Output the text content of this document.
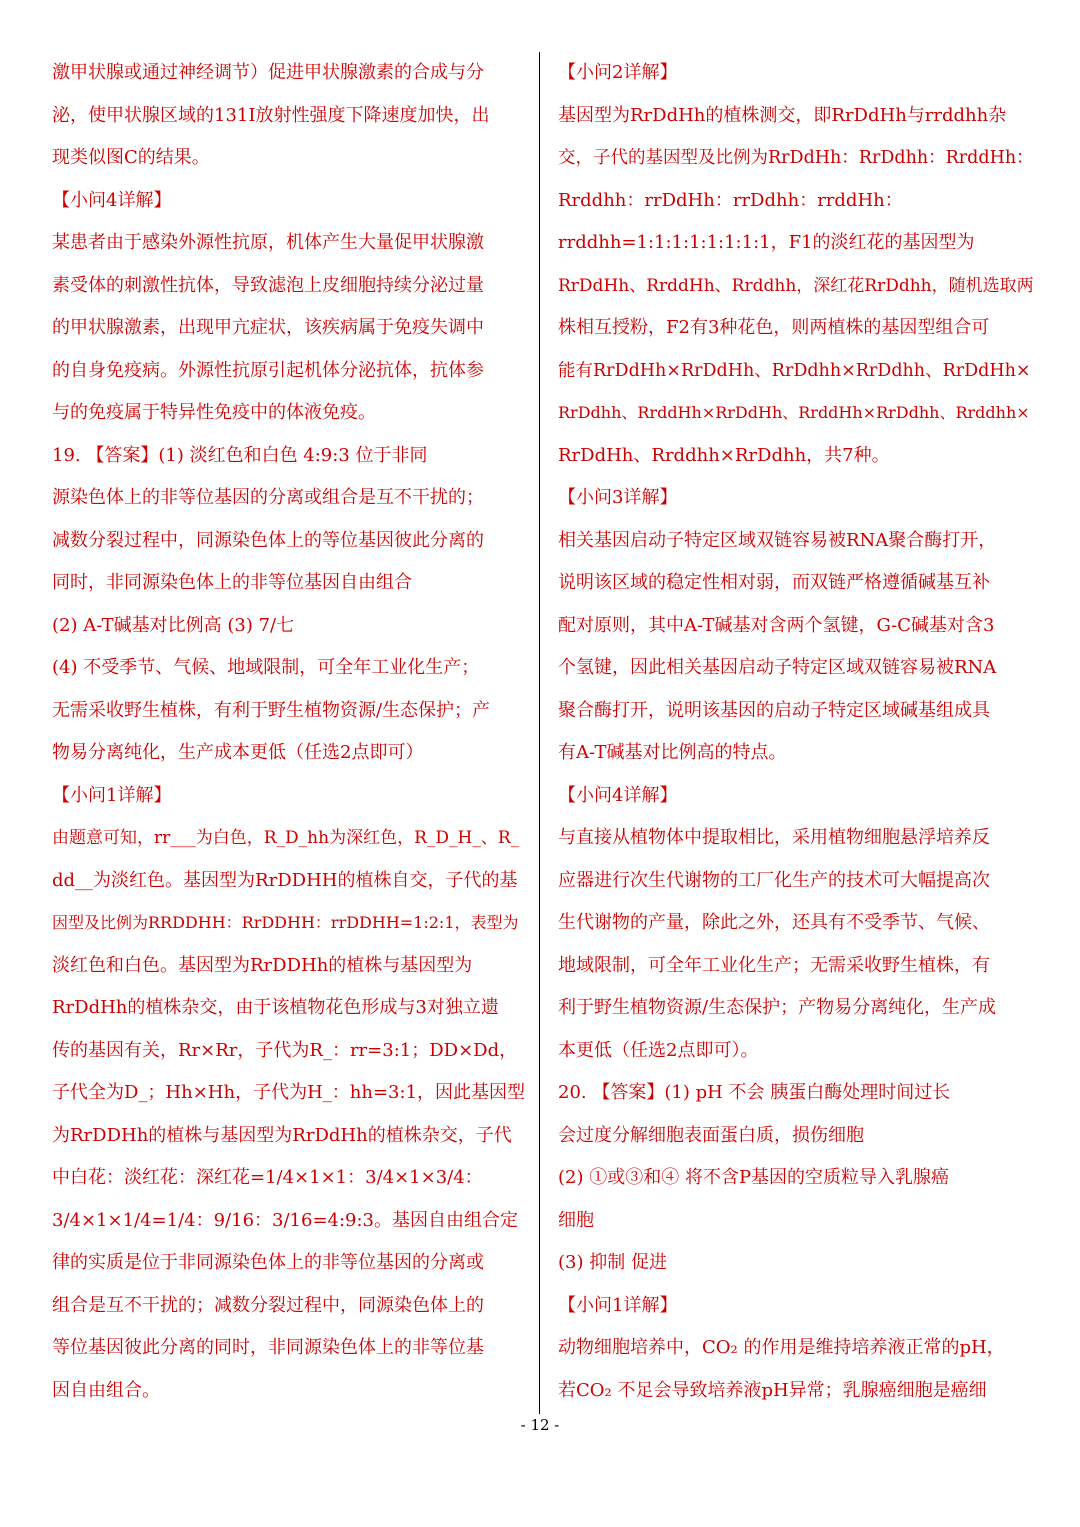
激甲状腺或通过神经调节）促进甲状腺激素的合成与分
泌，使甲状腺区域的131I放射性强度下降速度加快，出
现类似图C的结果。
【小问4详解】
某患者由于感染外源性抗原，机体产生大量促甲状腺激
素受体的刺激性抗体，导致滤泡上皮细胞持续分泌过量
的甲状腺激素，出现甲亢症状，该疾病属于免疫失调中
的自身免疫病。外源性抗原引起机体分泌抗体，抗体参
与的免疫属于特异性免疫中的体液免疫。
19. 【答案】(1) 淡红色和白色 4:9:3 位于非同
源染色体上的非等位基因的分离或组合是互不干扰的；
减数分裂过程中，同源染色体上的等位基因彼此分离的
同时，非同源染色体上的非等位基因自由组合
(2) A-T碱基对比例高 (3) 7/七
(4) 不受季节、气候、地域限制，可全年工业化生产；
无需采收野生植株，有利于野生植物资源/生态保护；产
物易分离纯化，生产成本更低（任选2点即可）
【小问1详解】
由题意可知，rr___为白色，R_D_hh为深红色，R_D_H_、R_
dd__为淡红色。基因型为RrDDHH的植株自交，子代的基
因型及比例为RRDDHH：RrDDHH：rrDDHH=1:2:1，表型为
淡红色和白色。基因型为RrDDHh的植株与基因型为
RrDdHh的植株杂交，由于该植物花色形成与3对独立遗
传的基因有关，Rr×Rr，子代为R_：rr=3:1；DD×Dd，
子代全为D_；Hh×Hh，子代为H_：hh=3:1，因此基因型
为RrDDHh的植株与基因型为RrDdHh的植株杂交，子代
中白花：淡红花：深红花=1/4×1×1：3/4×1×3/4：
3/4×1×1/4=1/4：9/16：3/16=4:9:3。基因自由组合定
律的实质是位于非同源染色体上的非等位基因的分离或
组合是互不干扰的；减数分裂过程中，同源染色体上的
等位基因彼此分离的同时，非同源染色体上的非等位基
因自由组合。
【小问2详解】
基因型为RrDdHh的植株测交，即RrDdHh与rrddhh杂
交，子代的基因型及比例为RrDdHh：RrDdhh：RrddHh：
Rrddhh：rrDdHh：rrDdhh：rrddHh：
rrddhh=1:1:1:1:1:1:1:1，F1的淡红花的基因型为
RrDdHh、RrddHh、Rrddhh，深红花RrDdhh，随机选取两
株相互授粉，F2有3种花色，则两植株的基因型组合可
能有RrDdHh×RrDdHh、RrDdhh×RrDdhh、RrDdHh×
RrDdhh、RrddHh×RrDdHh、RrddHh×RrDdhh、Rrddhh×
RrDdHh、Rrddhh×RrDdhh，共7种。
【小问3详解】
相关基因启动子特定区域双链容易被RNA聚合酶打开，
说明该区域的稳定性相对弱，而双链严格遵循碱基互补
配对原则，其中A-T碱基对含两个氢键，G-C碱基对含3
个氢键，因此相关基因启动子特定区域双链容易被RNA
聚合酶打开，说明该基因的启动子特定区域碱基组成具
有A-T碱基对比例高的特点。
【小问4详解】
与直接从植物体中提取相比，采用植物细胞悬浮培养反
应器进行次生代谢物的工厂化生产的技术可大幅提高次
生代谢物的产量，除此之外，还具有不受季节、气候、
地域限制，可全年工业化生产；无需采收野生植株，有
利于野生植物资源/生态保护；产物易分离纯化，生产成
本更低（任选2点即可）。
20. 【答案】(1) pH 不会 胰蛋白酶处理时间过长
会过度分解细胞表面蛋白质，损伤细胞
(2) ①或③和④ 将不含P基因的空质粒导入乳腺癌
细胞
(3) 抑制 促进
【小问1详解】
动物细胞培养中，CO₂ 的作用是维持培养液正常的pH，
若CO₂ 不足会导致培养液pH异常；乳腺癌细胞是癌细
- 12 -
